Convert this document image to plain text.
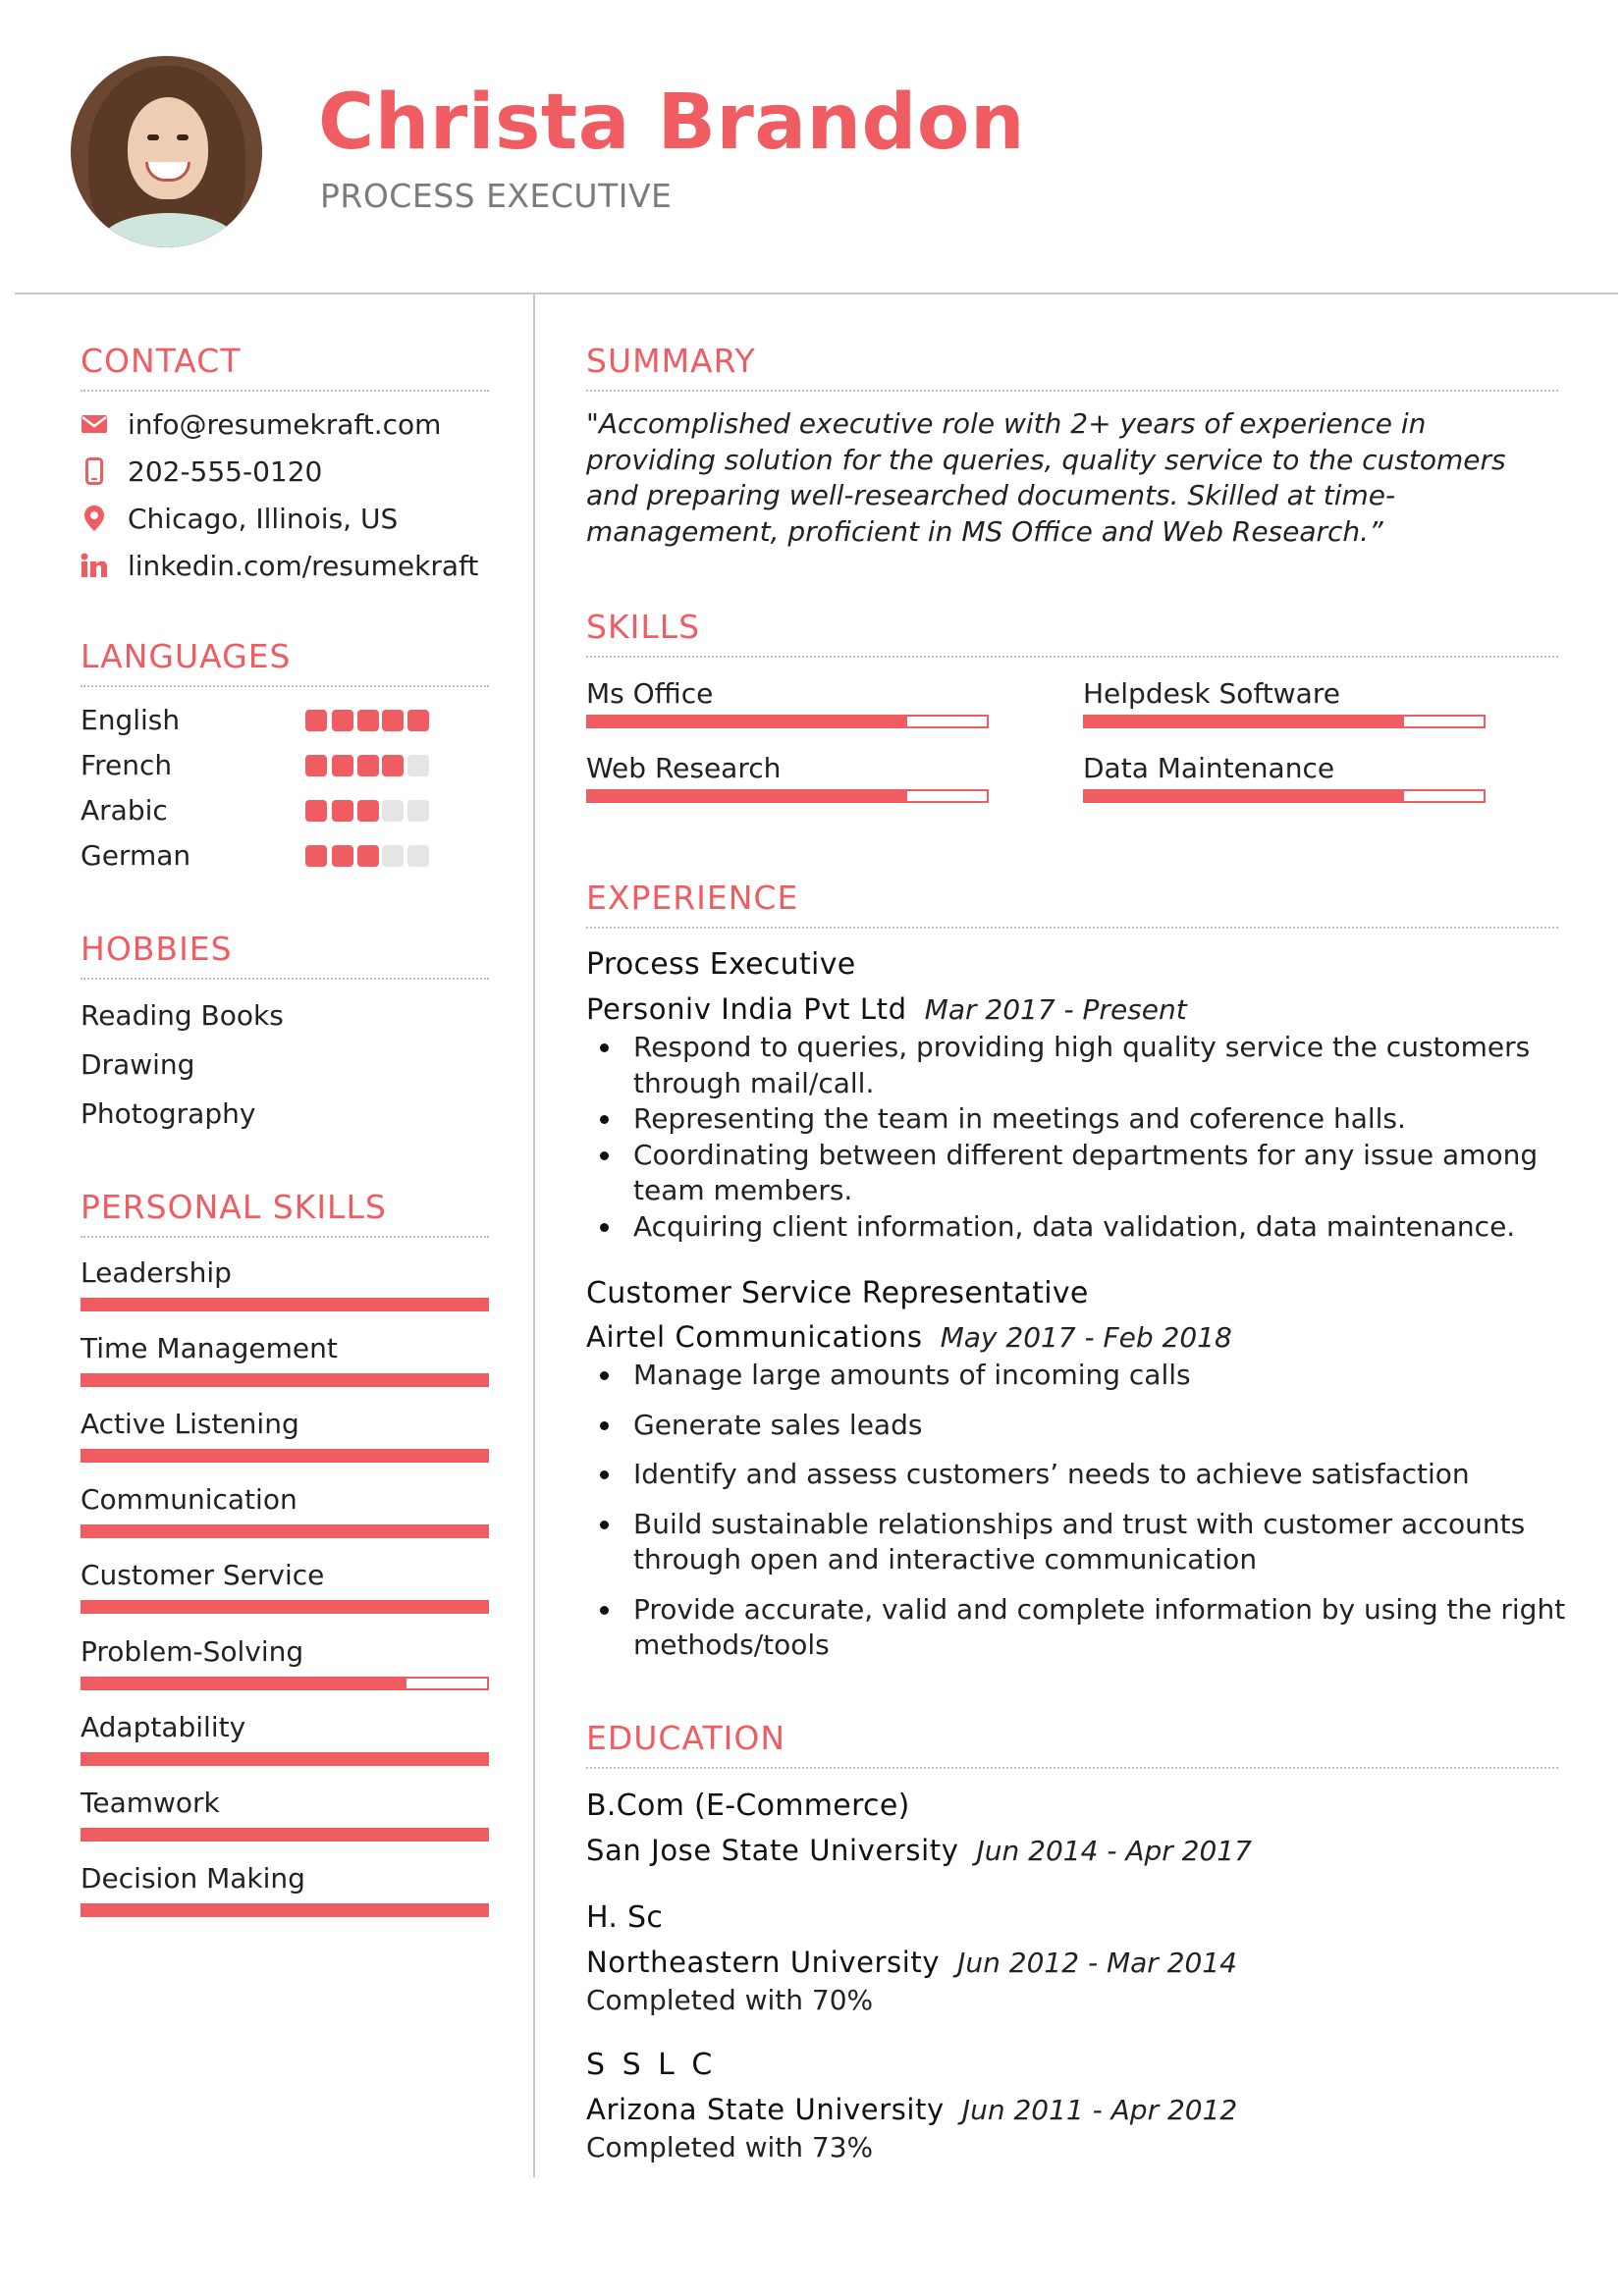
Christa Brandon
PROCESS EXECUTIVE
CONTACT
info@resumekraft.com
202-555-0120
Chicago, Illinois, US
linkedin.com/resumekraft
LANGUAGES
English
French
Arabic
German
HOBBIES
Reading Books
Drawing
Photography
PERSONAL SKILLS
Leadership
Time Management
Active Listening
Communication
Customer Service
Problem-Solving
Adaptability
Teamwork
Decision Making
SUMMARY
"Accomplished executive role with 2+ years of experience in providing solution for the queries, quality service to the customers and preparing well-researched documents. Skilled at time-management, proficient in MS Office and Web Research.”
SKILLS
Ms Office	Helpdesk Software
Web Research	Data Maintenance
EXPERIENCE
Process Executive
Personiv India Pvt Ltd Mar 2017 - Present
Respond to queries, providing high quality service the customers through mail/call.
Representing the team in meetings and coference halls.
Coordinating between different departments for any issue among team members.
Acquiring client information, data validation, data maintenance.
Customer Service Representative
Airtel Communications May 2017 - Feb 2018
Manage large amounts of incoming calls
Generate sales leads
Identify and assess customers’ needs to achieve satisfaction
Build sustainable relationships and trust with customer accounts through open and interactive communication
Provide accurate, valid and complete information by using the right methods/tools
EDUCATION
B.Com (E-Commerce)
San Jose State University Jun 2014 - Apr 2017
H. Sc
Northeastern University Jun 2012 - Mar 2014
Completed with 70%
S S L C
Arizona State University Jun 2011 - Apr 2012
Completed with 73%
